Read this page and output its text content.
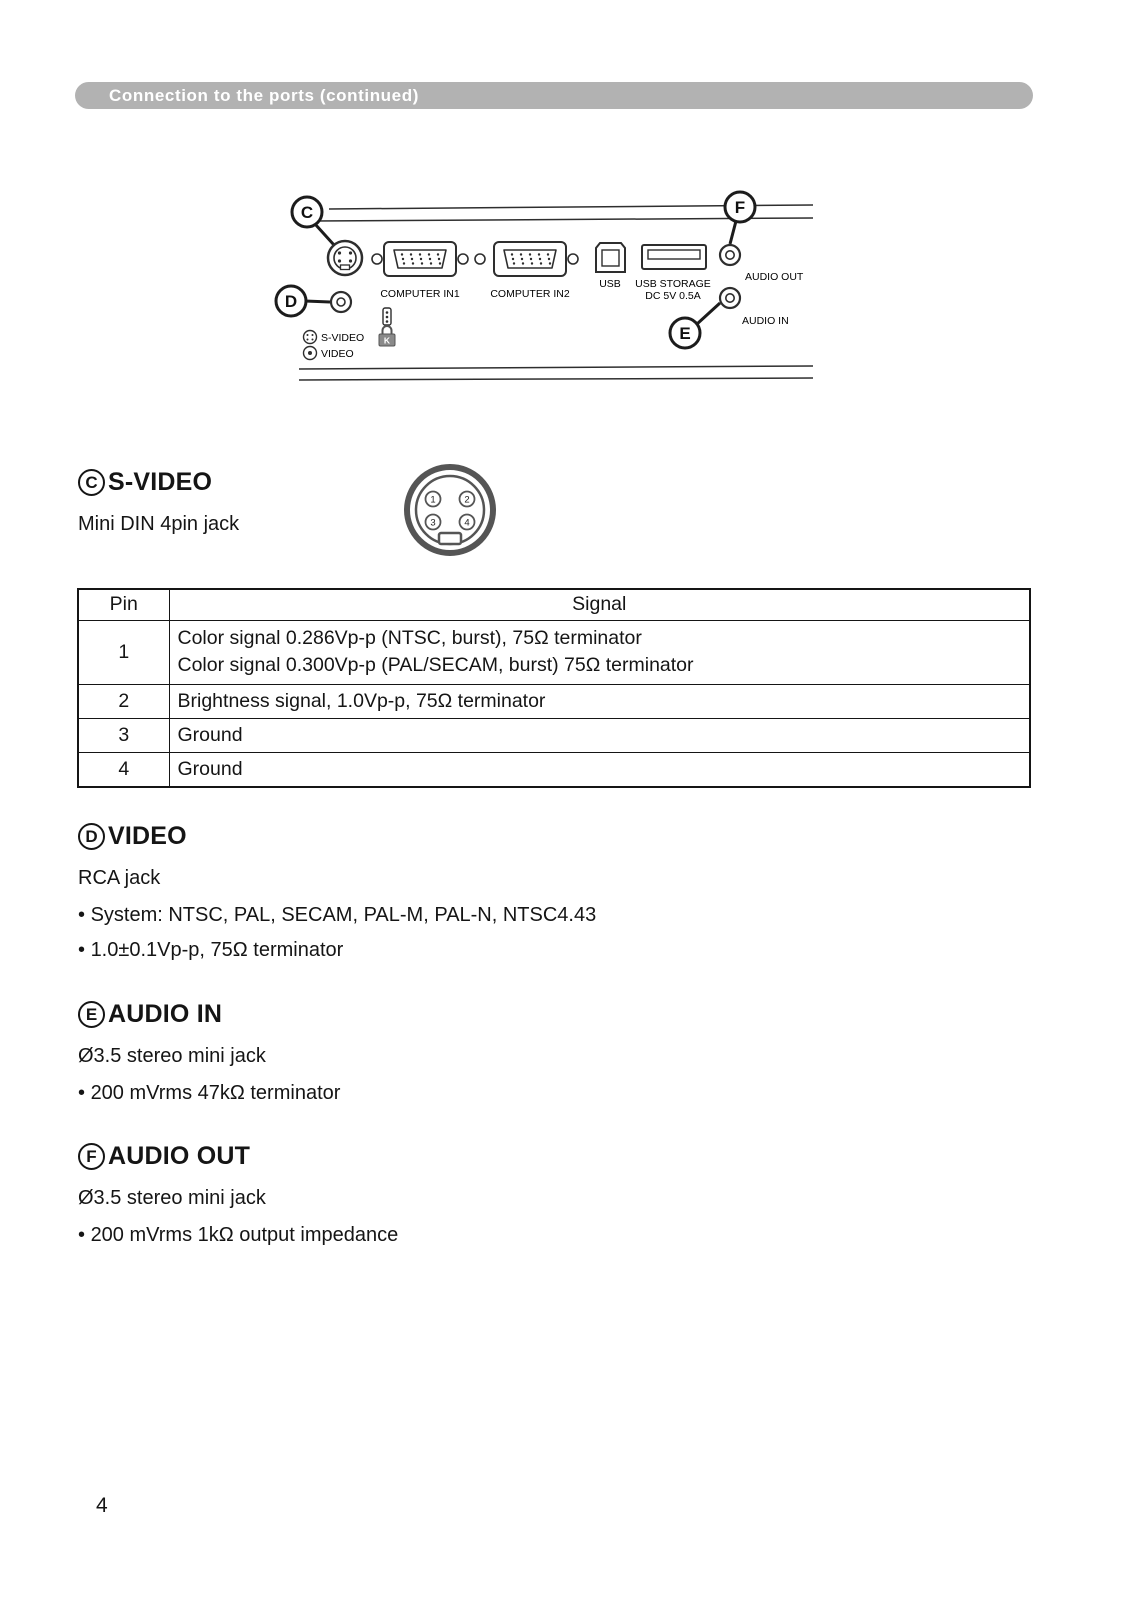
Connection to the ports (continued)
K
COMPUTER IN1	COMPUTER IN2
USB USB STORAGE
DC 5V 0.5A
AUDIO OUT
AUDIO IN
S-VIDEO
VIDEO
C
D
E
F
C S-VIDEO
Mini DIN 4pin jack
1	2
3	4
Pin	Signal
1	Color signal 0.286Vp-p (NTSC, burst), 75Ω terminator
Color signal 0.300Vp-p (PAL/SECAM, burst) 75Ω terminator

2	Brightness signal, 1.0Vp-p, 75Ω terminator
3	Ground
4	Ground
D VIDEO
RCA jack
• System: NTSC, PAL, SECAM, PAL-M, PAL-N, NTSC4.43
• 1.0±0.1Vp-p, 75Ω terminator
E AUDIO IN
Ø3.5 stereo mini jack
• 200 mVrms 47kΩ terminator
F AUDIO OUT
Ø3.5 stereo mini jack
• 200 mVrms 1kΩ output impedance
4
